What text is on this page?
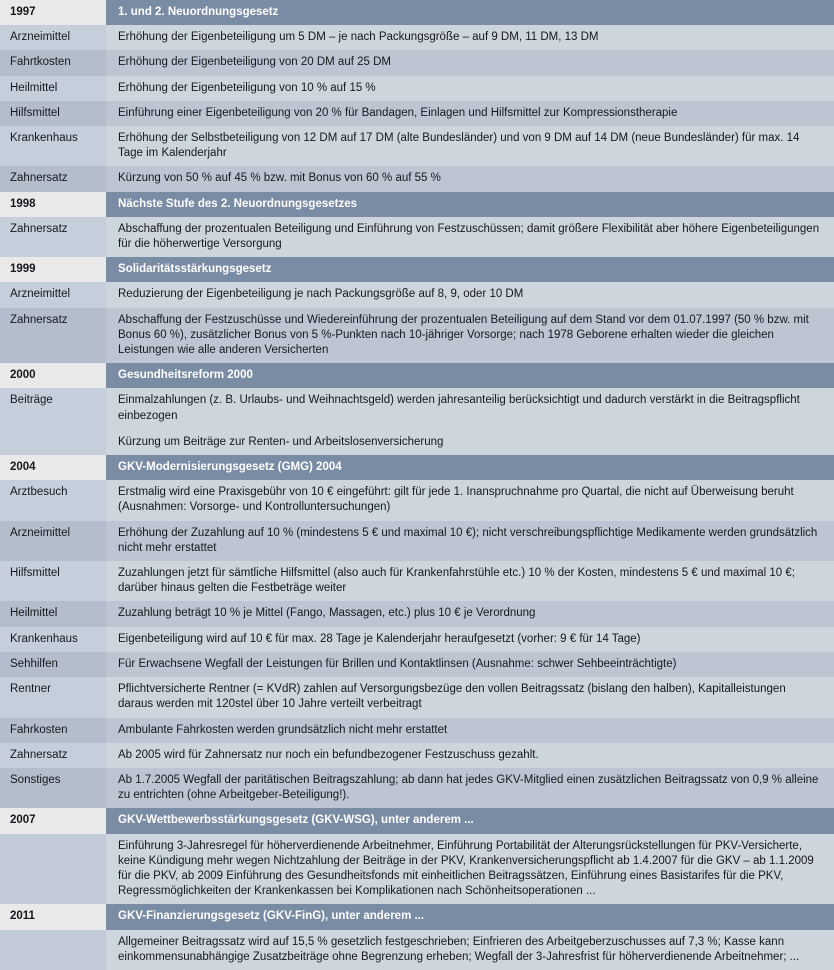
1997	1. und 2. Neuordnungsgesetz
Arzneimittel	Erhöhung der Eigenbeteiligung um 5 DM – je nach Packungsgröße – auf 9 DM, 11 DM, 13 DM

Fahrtkosten	Erhöhung der Eigenbeteiligung von 20 DM auf 25 DM

Heilmittel	Erhöhung der Eigenbeteiligung von 10 % auf 15 %

Hilfsmittel	Einführung einer Eigenbeteiligung von 20 % für Bandagen, Einlagen und Hilfsmittel zur Kompressionstherapie

Krankenhaus	Erhöhung der Selbstbeteiligung von 12 DM auf 17 DM (alte Bundesländer) und von 9 DM auf 14 DM (neue Bundesländer) für max. 14 Tage im Kalenderjahr

Zahnersatz	Kürzung von 50 % auf 45 % bzw. mit Bonus von 60 % auf 55 %

1998	Nächste Stufe des 2. Neuordnungsgesetzes
Zahnersatz	Abschaffung der prozentualen Beteiligung und Einführung von Festzuschüssen; damit größere Flexibilität aber höhere Eigenbeteiligungen für die höherwertige Versorgung

1999	Solidaritätsstärkungsgesetz
Arzneimittel	Reduzierung der Eigenbeteiligung je nach Packungsgröße auf 8, 9, oder 10 DM

Zahnersatz	Abschaffung der Festzuschüsse und Wiedereinführung der prozentualen Beteiligung auf dem Stand vor dem 01.07.1997 (50 % bzw. mit Bonus 60 %), zusätzlicher Bonus von 5 %-Punkten nach 10-jähriger Vorsorge; nach 1978 Geborene erhalten wieder die gleichen Leistungen wie alle anderen Versicherten

2000	Gesundheitsreform 2000
Beiträge	Einmalzahlungen (z. B. Urlaubs- und Weihnachtsgeld) werden jahresanteilig berücksichtigt und dadurch verstärkt in die Beitragspflicht einbezogen

Kürzung um Beiträge zur Renten- und Arbeitslosenversicherung

2004	GKV-Modernisierungsgesetz (GMG) 2004
Arztbesuch	Erstmalig wird eine Praxisgebühr von 10 € eingeführt: gilt für jede 1. Inanspruchnahme pro Quartal, die nicht auf Überweisung beruht (Ausnahmen: Vorsorge- und Kontrolluntersuchungen)

Arzneimittel	Erhöhung der Zuzahlung auf 10 % (mindestens 5 € und maximal 10 €); nicht verschreibungspflichtige Medikamente werden grundsätzlich nicht mehr erstattet

Hilfsmittel	Zuzahlungen jetzt für sämtliche Hilfsmittel (also auch für Krankenfahrstühle etc.) 10 % der Kosten, mindestens 5 € und maximal 10 €; darüber hinaus gelten die Festbeträge weiter

Heilmittel	Zuzahlung beträgt 10 % je Mittel (Fango, Massagen, etc.) plus 10 € je Verordnung

Krankenhaus	Eigenbeteiligung wird auf 10 € für max. 28 Tage je Kalenderjahr heraufgesetzt (vorher: 9 € für 14 Tage)

Sehhilfen	Für Erwachsene Wegfall der Leistungen für Brillen und Kontaktlinsen (Ausnahme: schwer Sehbeeinträchtigte)

Rentner	Pflichtversicherte Rentner (= KVdR) zahlen auf Versorgungsbezüge den vollen Beitragssatz (bislang den halben), Kapitalleistungen daraus werden mit 120stel über 10 Jahre verteilt verbeitragt

Fahrkosten	Ambulante Fahrkosten werden grundsätzlich nicht mehr erstattet

Zahnersatz	Ab 2005 wird für Zahnersatz nur noch ein befundbezogener Festzuschuss gezahlt.

Sonstiges	Ab 1.7.2005 Wegfall der paritätischen Beitragszahlung; ab dann hat jedes GKV-Mitglied einen zusätzlichen Beitragssatz von 0,9 % alleine zu entrichten (ohne Arbeitgeber-Beteiligung!).

2007	GKV-Wettbewerbsstärkungsgesetz (GKV-WSG), unter anderem ...

Einführung 3-Jahresregel für höherverdienende Arbeitnehmer, Einführung Portabilität der Alterungsrückstellungen für PKV-Versicherte, keine Kündigung mehr wegen Nichtzahlung der Beiträge in der PKV, Krankenversicherungspflicht ab 1.4.2007 für die GKV – ab 1.1.2009 für die PKV, ab 2009 Einführung des Gesundheitsfonds mit einheitlichen Beitragssätzen, Einführung eines Basistarifes für die PKV, Regressmöglichkeiten der Krankenkassen bei Komplikationen nach Schönheitsoperationen ...

2011	GKV-Finanzierungsgesetz (GKV-FinG), unter anderem ...

Allgemeiner Beitragssatz wird auf 15,5 % gesetzlich festgeschrieben; Einfrieren des Arbeitgeberzuschusses auf 7,3 %; Kasse kann einkommensunabhängige Zusatzbeiträge ohne Begrenzung erheben; Wegfall der 3-Jahresfrist für höherverdienende Arbeitnehmer; ...
